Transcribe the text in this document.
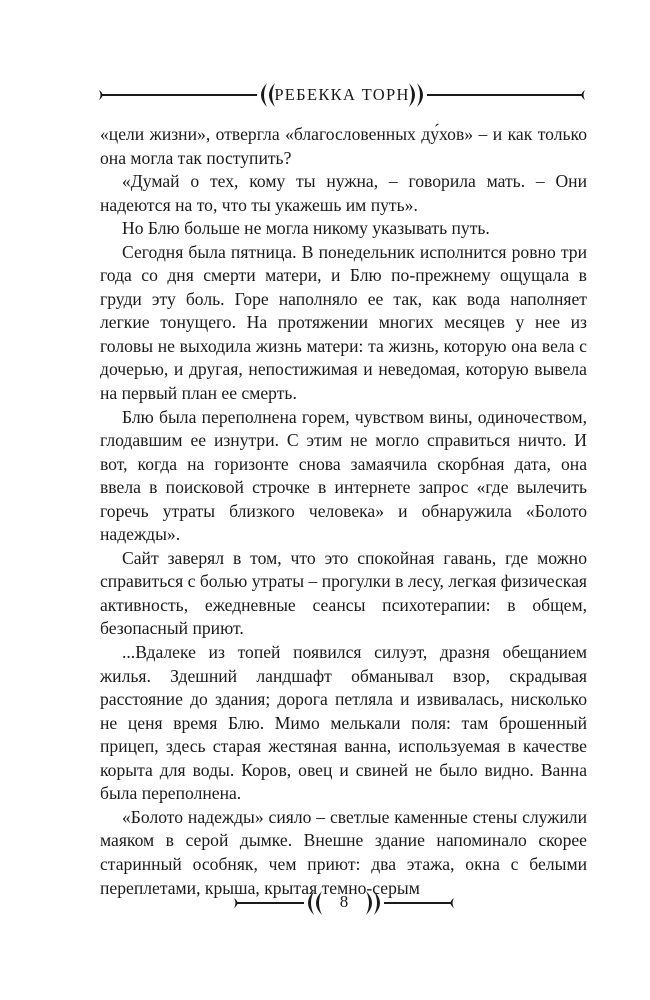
РЕБЕККА ТОРН

«цели жизни», отвергла «благословенных ду́хов» – и как только она могла так поступить?

«Думай о тех, кому ты нужна, – говорила мать. – Они надеются на то, что ты укажешь им путь».

Но Блю больше не могла никому указывать путь.

Сегодня была пятница. В понедельник исполнится ровно три года со дня смерти матери, и Блю по-прежнему ощущала в груди эту боль. Горе наполняло ее так, как вода наполняет легкие тонущего. На протяжении многих месяцев у нее из головы не выходила жизнь матери: та жизнь, которую она вела с дочерью, и другая, непостижимая и неведомая, которую вывела на первый план ее смерть.

Блю была переполнена горем, чувством вины, одиночеством, глодавшим ее изнутри. С этим не могло справиться ничто. И вот, когда на горизонте снова замаячила скорбная дата, она ввела в поисковой строчке в интернете запрос «где вылечить горечь утраты близкого человека» и обнаружила «Болото надежды».

Сайт заверял в том, что это спокойная гавань, где можно справиться с болью утраты – прогулки в лесу, легкая физическая активность, ежедневные сеансы психотерапии: в общем, безопасный приют.

...Вдалеке из топей появился силуэт, дразня обещанием жилья. Здешний ландшафт обманывал взор, скрадывая расстояние до здания; дорога петляла и извивалась, нисколько не ценя время Блю. Мимо мелькали поля: там брошенный прицеп, здесь старая жестяная ванна, используемая в качестве корыта для воды. Коров, овец и свиней не было видно. Ванна была переполнена.

«Болото надежды» сияло – светлые каменные стены служили маяком в серой дымке. Внешне здание напоминало скорее старинный особняк, чем приют: два этажа, окна с белыми переплетами, крыша, крытая темно-серым

8
